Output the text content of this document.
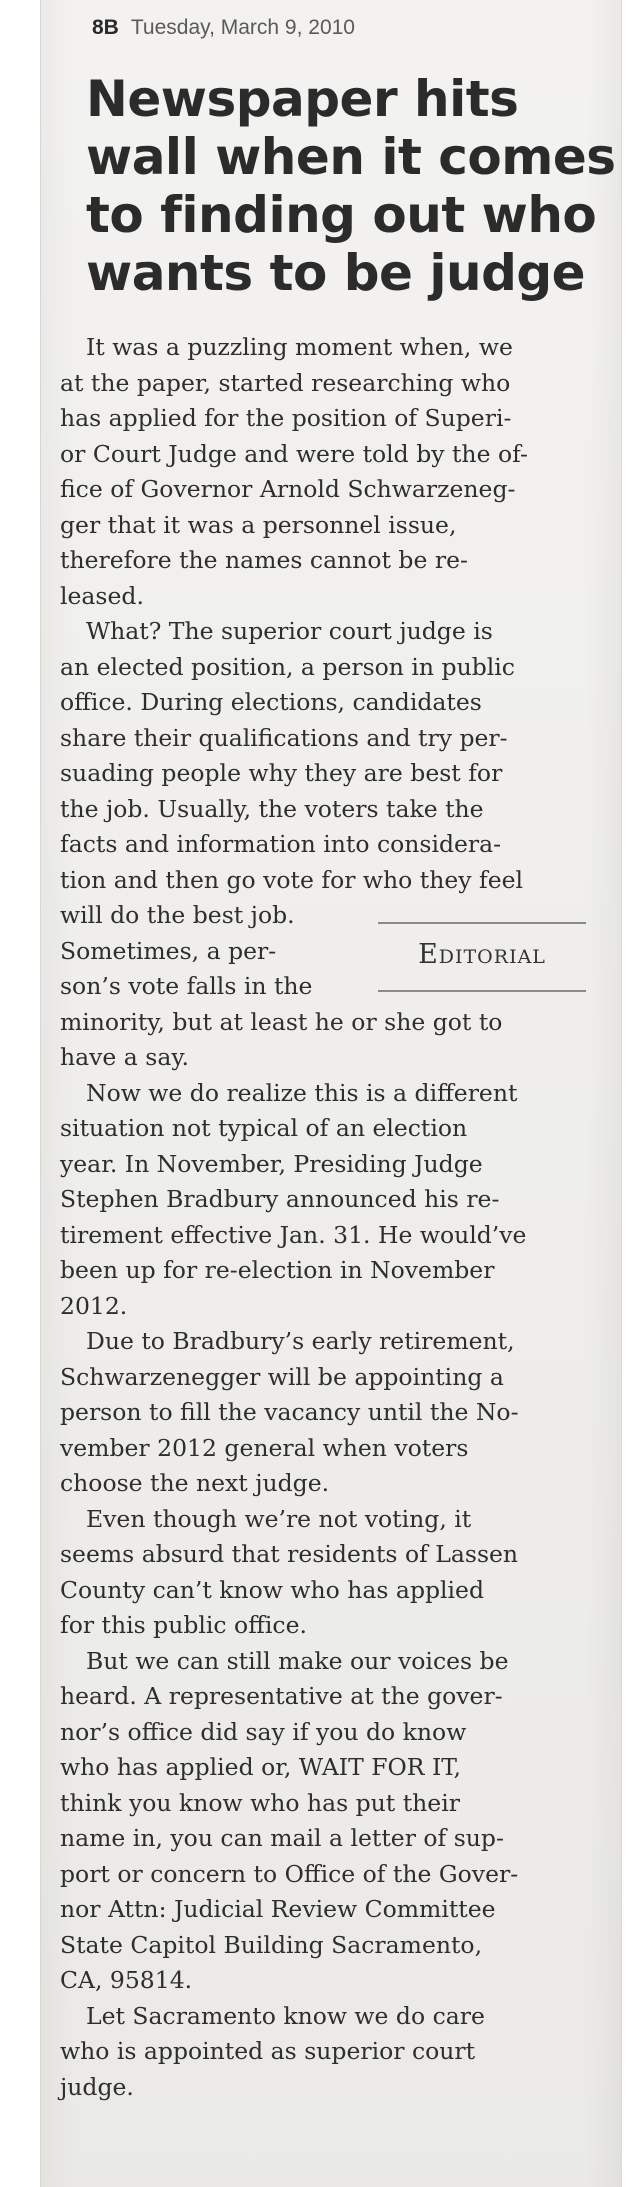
8B Tuesday, March 9, 2010
Newspaper hits
wall when it comes
to finding out who
wants to be judge
It was a puzzling moment when, we
at the paper, started researching who
has applied for the position of Superi-
or Court Judge and were told by the of-
fice of Governor Arnold Schwarzeneg-
ger that it was a personnel issue,
therefore the names cannot be re-
leased.
What? The superior court judge is
an elected position, a person in public
office. During elections, candidates
share their qualifications and try per-
suading people why they are best for
the job. Usually, the voters take the
facts and information into considera-
tion and then go vote for who they feel
will do the best job.
Sometimes, a per-
son’s vote falls in the
minority, but at least he or she got to
have a say.
Now we do realize this is a different
situation not typical of an election
year. In November, Presiding Judge
Stephen Bradbury announced his re-
tirement effective Jan. 31. He would’ve
been up for re-election in November
2012.
Due to Bradbury’s early retirement,
Schwarzenegger will be appointing a
person to fill the vacancy until the No-
vember 2012 general when voters
choose the next judge.
Even though we’re not voting, it
seems absurd that residents of Lassen
County can’t know who has applied
for this public office.
But we can still make our voices be
heard. A representative at the gover-
nor’s office did say if you do know
who has applied or, WAIT FOR IT,
think you know who has put their
name in, you can mail a letter of sup-
port or concern to Office of the Gover-
nor Attn: Judicial Review Committee
State Capitol Building Sacramento,
CA, 95814.
Let Sacramento know we do care
who is appointed as superior court
judge.
Editorial
